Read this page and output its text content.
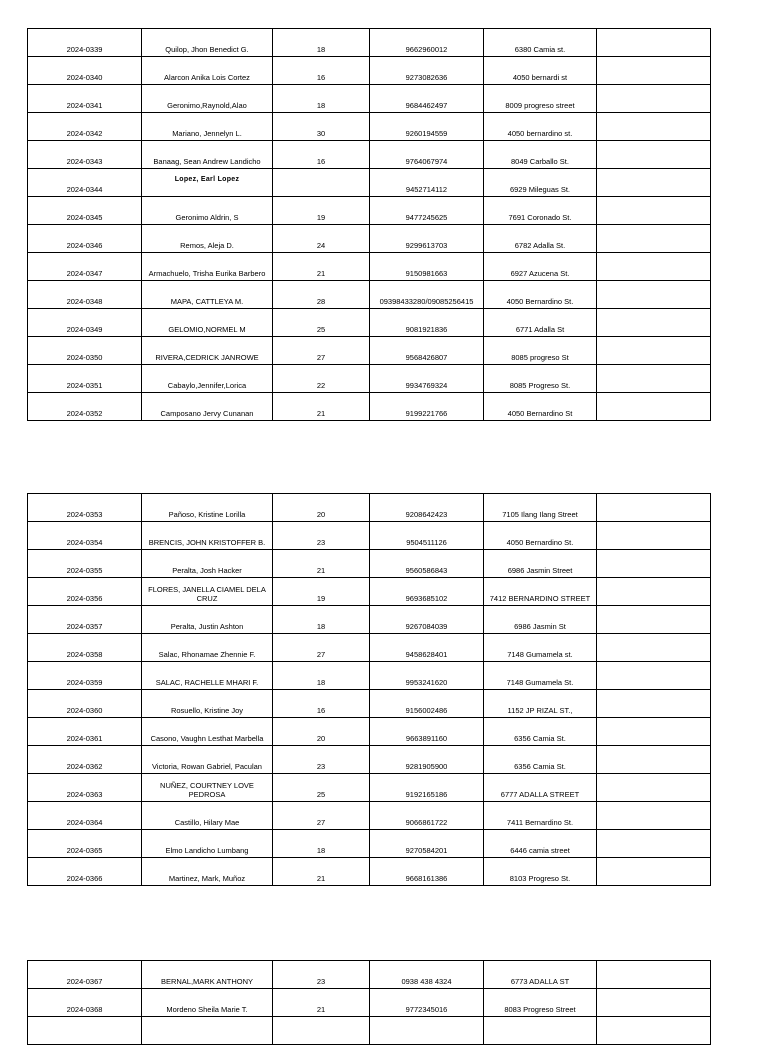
2024-0339	Quilop, Jhon Benedict G.	18	9662960012	6380 Camia st.	
2024-0340	Alarcon Anika Lois Cortez	16	9273082636	4050 bernardi st	
2024-0341	Geronimo,Raynold,Alao	18	9684462497	8009 progreso street	
2024-0342	Mariano, Jennelyn L.	30	9260194559	4050 bernardino st.	
2024-0343	Banaag, Sean Andrew Landicho	16	9764067974	8049 Carballo St.	
2024-0344	Lopez, Earl Lopez		9452714112	6929 Mileguas St.	
2024-0345	Geronimo Aldrin, S	19	9477245625	7691 Coronado St.	
2024-0346	Remos, Aleja D.	24	9299613703	6782 Adalla St.	
2024-0347	Armachuelo, Trisha Eurika Barbero	21	9150981663	6927 Azucena St.	
2024-0348	MAPA, CATTLEYA M.	28	09398433280/09085256415	4050 Bernardino St.	
2024-0349	GELOMIO,NORMEL M	25	9081921836	6771 Adalla St	
2024-0350	RIVERA,CEDRICK JANROWE	27	9568426807	8085 progreso St	
2024-0351	Cabaylo,Jennifer,Lorica	22	9934769324	8085 Progreso St.	
2024-0352	Camposano Jervy Cunanan	21	9199221766	4050 Bernardino St	
2024-0353	Pañoso, Kristine Lorilla	20	9208642423	7105 Ilang Ilang Street	
2024-0354	BRENCIS, JOHN KRISTOFFER B.	23	9504511126	4050 Bernardino St.	
2024-0355	Peralta, Josh Hacker	21	9560586843	6986 Jasmin Street	
2024-0356	FLORES, JANELLA CIAMEL DELA CRUZ	19	9693685102	7412 BERNARDINO STREET	
2024-0357	Peralta, Justin Ashton	18	9267084039	6986 Jasmin St	
2024-0358	Salac, Rhonamae Zhennie F.	27	9458628401	7148 Gumamela st.	
2024-0359	SALAC, RACHELLE MHARI F.	18	9953241620	7148 Gumamela St.	
2024-0360	Rosuello, Kristine Joy	16	9156002486	1152 JP RIZAL ST.,	
2024-0361	Casono, Vaughn Lesthat Marbella	20	9663891160	6356 Camia St.	
2024-0362	Victoria, Rowan Gabriel, Paculan	23	9281905900	6356 Camia St.	
2024-0363	NUÑEZ, COURTNEY LOVE PEDROSA	25	9192165186	6777 ADALLA STREET	
2024-0364	Castillo, Hilary Mae	27	9066861722	7411 Bernardino St.	
2024-0365	Elmo Landicho Lumbang	18	9270584201	6446 camia street	
2024-0366	Martinez, Mark, Muñoz	21	9668161386	8103 Progreso St.	
2024-0367	BERNAL,MARK ANTHONY	23	0938 438 4324	6773 ADALLA ST	
2024-0368	Mordeno Sheila Marie T.	21	9772345016	8083 Progreso Street	
